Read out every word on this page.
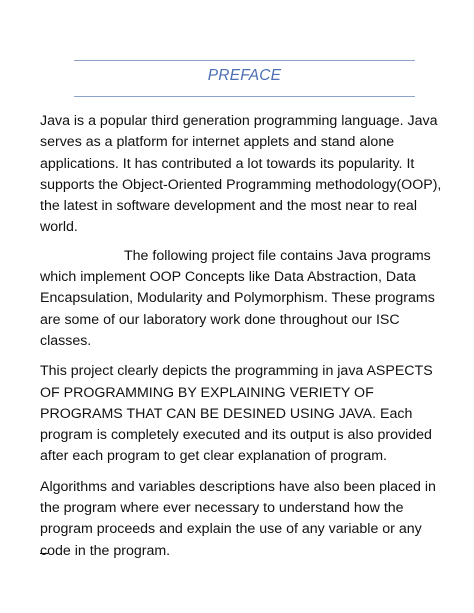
PREFACE

Java is a popular third generation programming language. Java serves as a platform for internet applets and stand alone applications. It has contributed a lot towards its popularity. It supports the Object-Oriented Programming methodology(OOP), the latest in software development and the most near to real world.

The following project file contains Java programs which implement OOP Concepts like Data Abstraction, Data Encapsulation, Modularity and Polymorphism. These programs are some of our laboratory work done throughout our ISC classes.

This project clearly depicts the programming in java ASPECTS OF PROGRAMMING BY EXPLAINING VERIETY OF PROGRAMS THAT CAN BE DESINED USING JAVA. Each program is completely executed and its output is also provided after each program to get clear explanation of program.

Algorithms and variables descriptions have also been placed in the program where ever necessary to understand how the program proceeds and explain the use of any variable or any code in the program.
